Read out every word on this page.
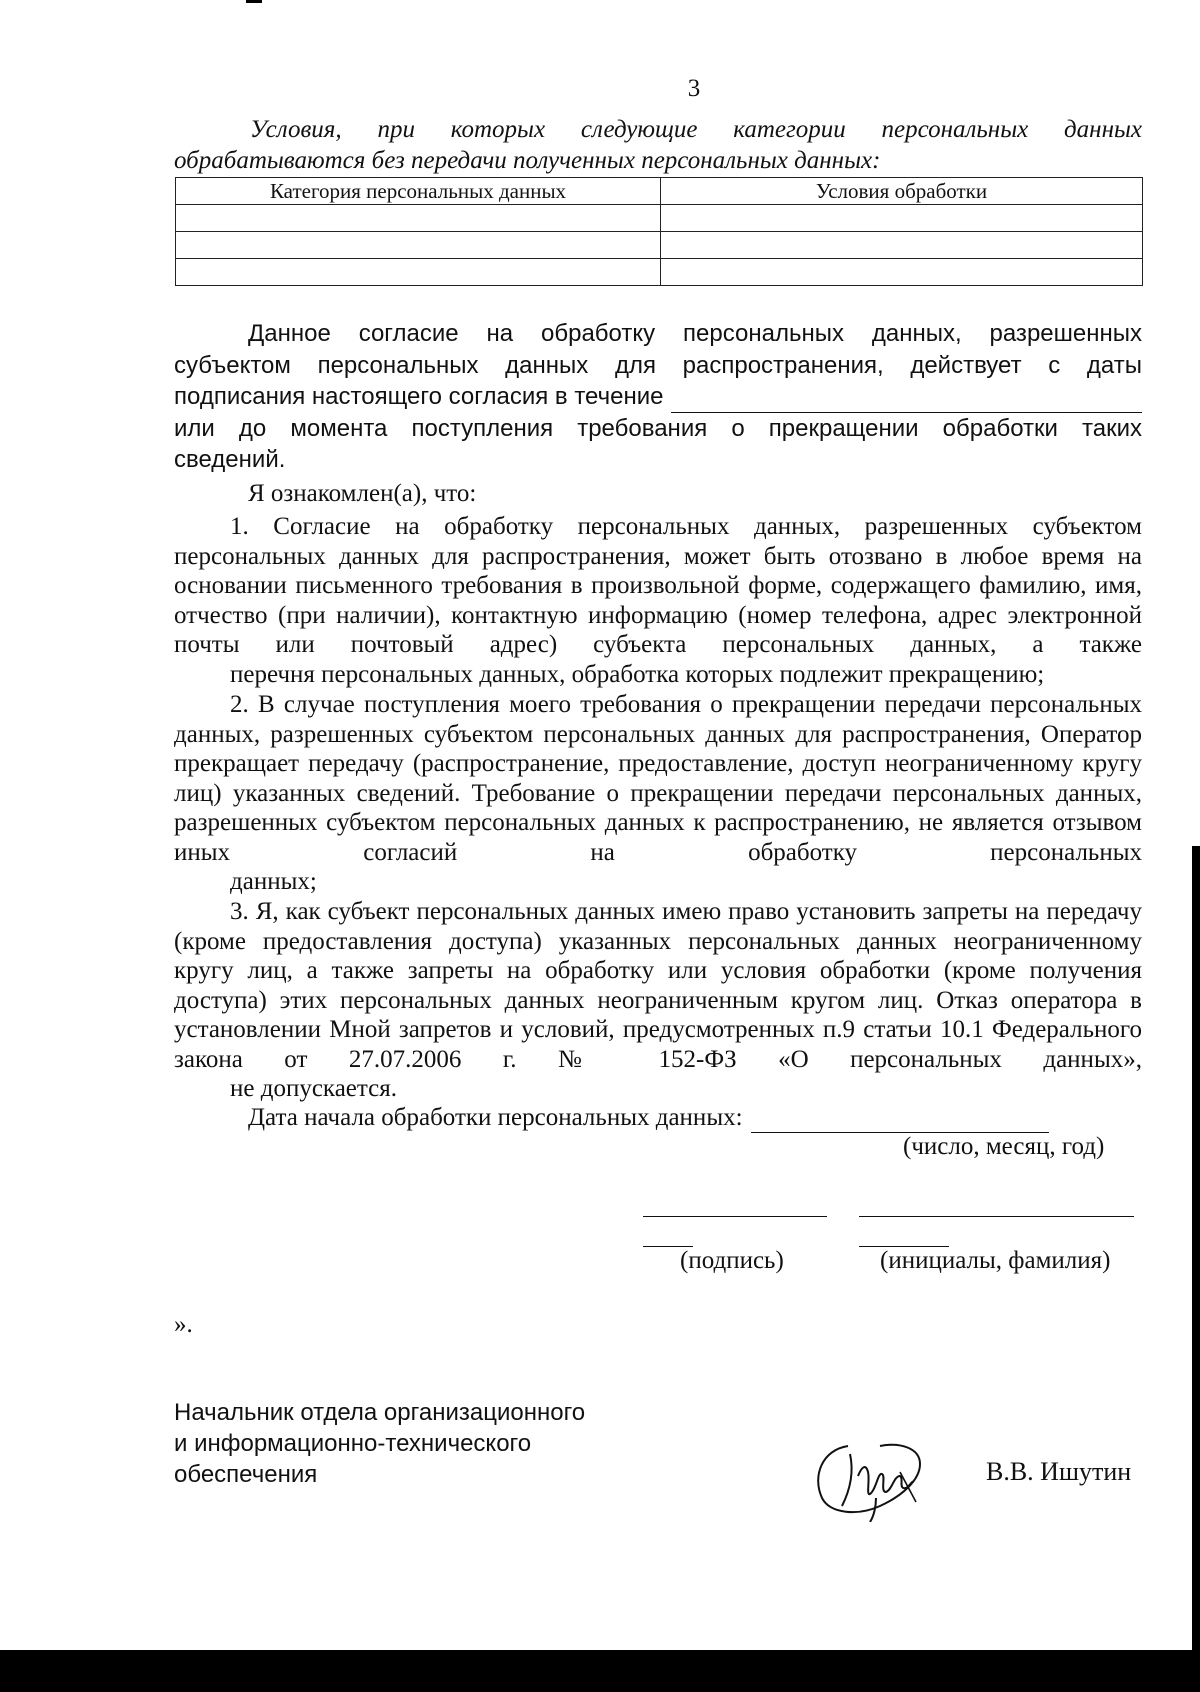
3

Условия, при которых следующие категории персональных данных обрабатываются без передачи полученных персональных данных:

Категория персональных данных	Условия обработки

Данное согласие на обработку персональных данных, разрешенных
субъектом персональных данных для распространения, действует с даты
подписания настоящего согласия в течение
или до момента поступления требования о прекращении обработки таких
сведений.

Я ознакомлен(а), что:

1. Согласие на обработку персональных данных, разрешенных субъектом персональных данных для распространения, может быть отозвано в любое время на основании письменного требования в произвольной форме, содержащего фамилию, имя, отчество (при наличии), контактную информацию (номер телефона, адрес электронной почты или почтовый адрес) субъекта персональных данных, а также
перечня персональных данных, обработка которых подлежит прекращению;

2. В случае поступления моего требования о прекращении передачи персональных данных, разрешенных субъектом персональных данных для распространения, Оператор прекращает передачу (распространение, предоставление, доступ неограниченному кругу лиц) указанных сведений. Требование о прекращении передачи персональных данных, разрешенных субъектом персональных данных к распространению, не является отзывом иных согласий на обработку персональных
данных;

3. Я, как субъект персональных данных имею право установить запреты на передачу (кроме предоставления доступа) указанных персональных данных неограниченному кругу лиц, а также запреты на обработку или условия обработки (кроме получения доступа) этих персональных данных неограниченным кругом лиц. Отказ оператора в установлении Мной запретов и условий, предусмотренных п.9 статьи 10.1 Федерального закона от 27.07.2006 г. № 152-ФЗ «О персональных данных»,
не допускается.

Дата начала обработки персональных данных:
(число, месяц, год)
(подпись)	(инициалы, фамилия)
».
Начальник отдела организационного
и информационно-технического
обеспечения	В.В. Ишутин
